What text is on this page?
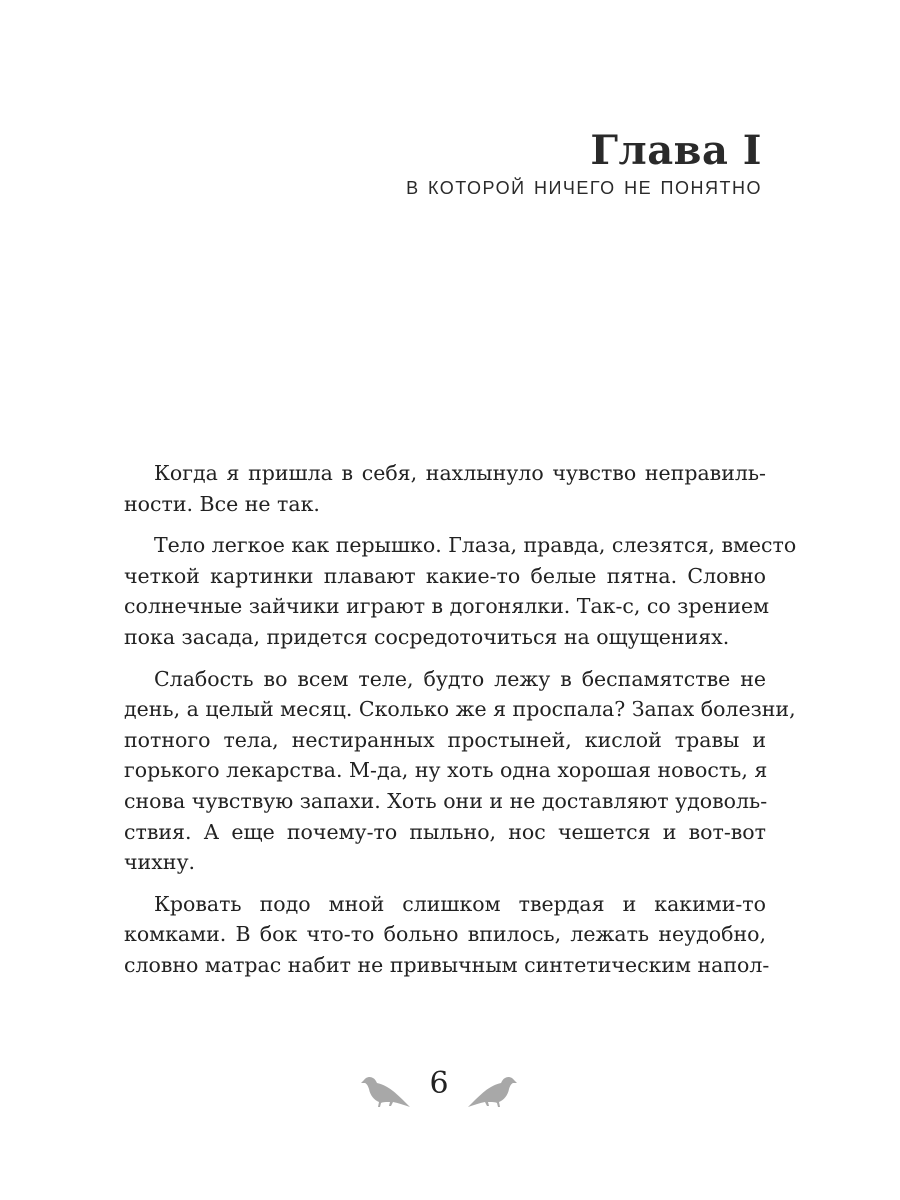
Глава I
в которой ничего не понятно

Когда я пришла в себя, нахлынуло чувство неправиль-
ности. Все не так.

Тело легкое как перышко. Глаза, правда, слезятся, вместо
четкой картинки плавают какие-то белые пятна. Словно
солнечные зайчики играют в догонялки. Так-с, со зрением
пока засада, придется сосредоточиться на ощущениях.

Слабость во всем теле, будто лежу в беспамятстве не
день, а целый месяц. Сколько же я проспала? Запах болезни,
потного тела, нестиранных простыней, кислой травы и
горького лекарства. М-да, ну хоть одна хорошая новость, я
снова чувствую запахи. Хоть они и не доставляют удоволь-
ствия. А еще почему-то пыльно, нос чешется и вот-вот
чихну.

Кровать подо мной слишком твердая и какими-то
комками. В бок что-то больно впилось, лежать неудобно,
словно матрас набит не привычным синтетическим напол-

6
